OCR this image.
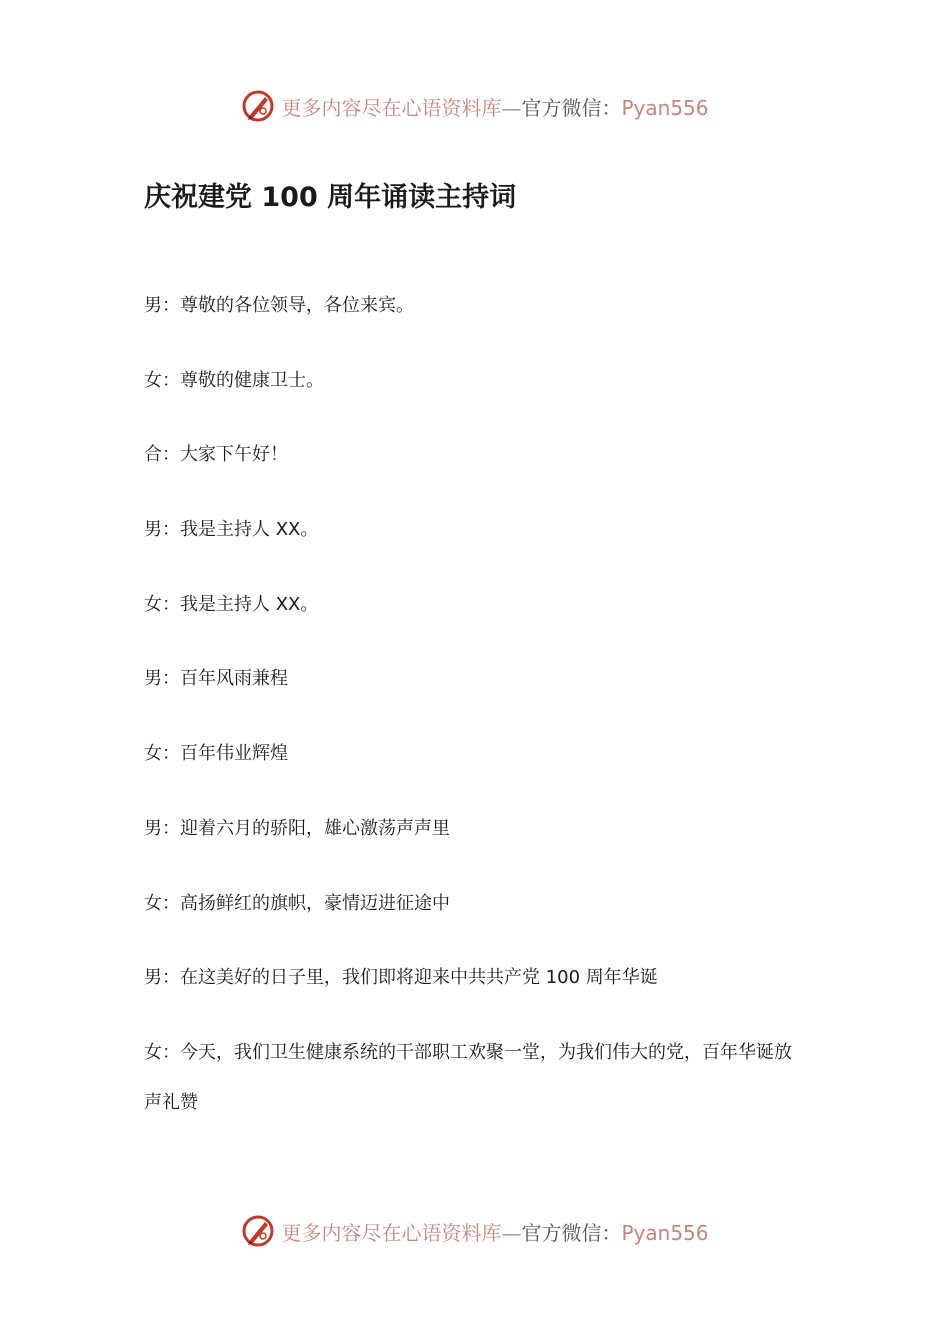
更多内容尽在心语资料库—官方微信：Pyan556
庆祝建党 100 周年诵读主持词
男：尊敬的各位领导，各位来宾。
女：尊敬的健康卫士。
合：大家下午好！
男：我是主持人 XX。
女：我是主持人 XX。
男：百年风雨兼程
女：百年伟业辉煌
男：迎着六月的骄阳，雄心激荡声声里
女：高扬鲜红的旗帜，豪情迈进征途中
男：在这美好的日子里，我们即将迎来中共共产党 100 周年华诞
女：今天，我们卫生健康系统的干部职工欢聚一堂，为我们伟大的党，百年华诞放声礼赞
更多内容尽在心语资料库—官方微信：Pyan556
